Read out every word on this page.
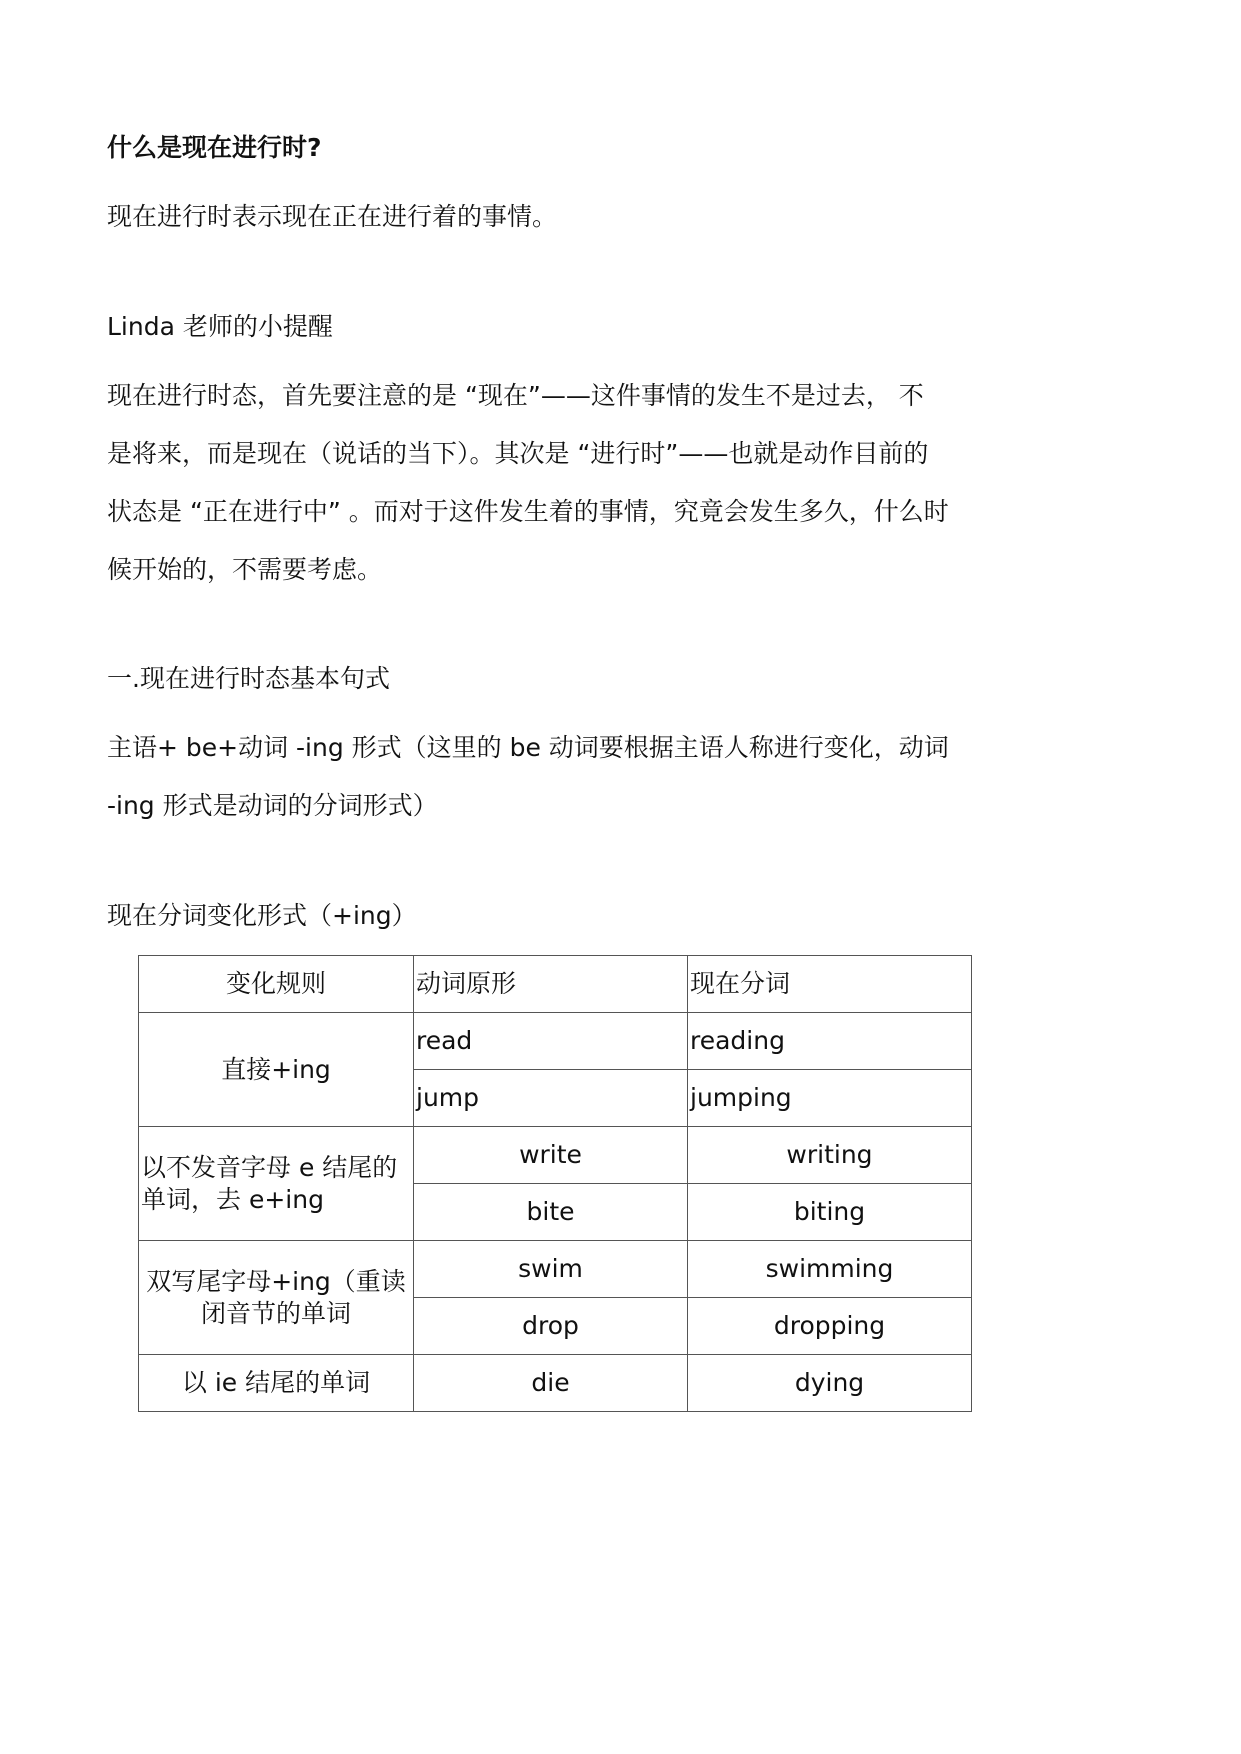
什么是现在进行时?

现在进行时表示现在正在进行着的事情。

Linda 老师的小提醒

现在进行时态，首先要注意的是 “现在”——这件事情的发生不是过去， 不
是将来，而是现在（说话的当下）。其次是 “进行时”——也就是动作目前的
状态是 “正在进行中” 。而对于这件发生着的事情，究竟会发生多久，什么时
候开始的，不需要考虑。

一.现在进行时态基本句式

主语+ be+动词 -ing 形式（这里的 be 动词要根据主语人称进行变化，动词
-ing 形式是动词的分词形式）

现在分词变化形式（+ing）

变化规则	动词原形	现在分词
直接+ing	read	reading
	jump	jumping
以不发音字母 e 结尾的单词，去 e+ing	write	writing
	bite	biting
双写尾字母+ing（重读闭音节的单词	swim	swimming
	drop	dropping
以 ie 结尾的单词	die	dying
